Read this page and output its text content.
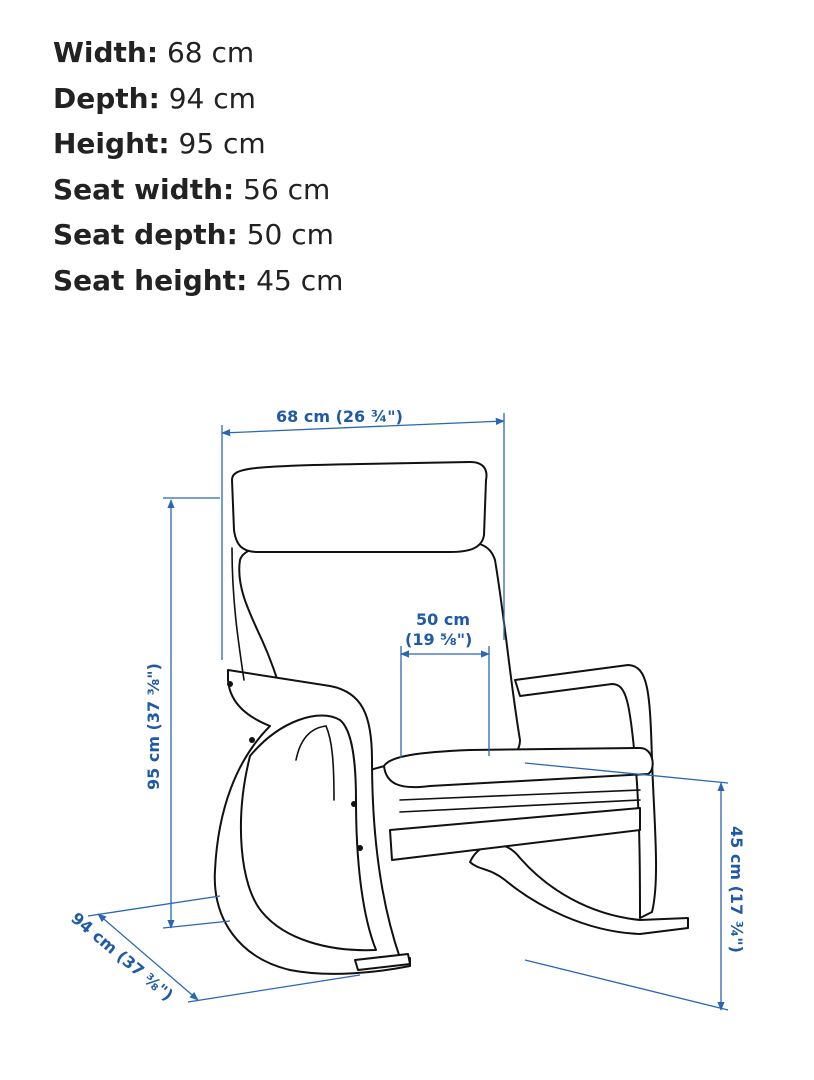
Width: 68 cm
Depth: 94 cm
Height: 95 cm
Seat width: 56 cm
Seat depth: 50 cm
Seat height: 45 cm
68 cm (26 ¾")
95 cm (37 ⅜")
50 cm
(19 ⅝")
45 cm (17 ¾")
94 cm (37 ⅜")
